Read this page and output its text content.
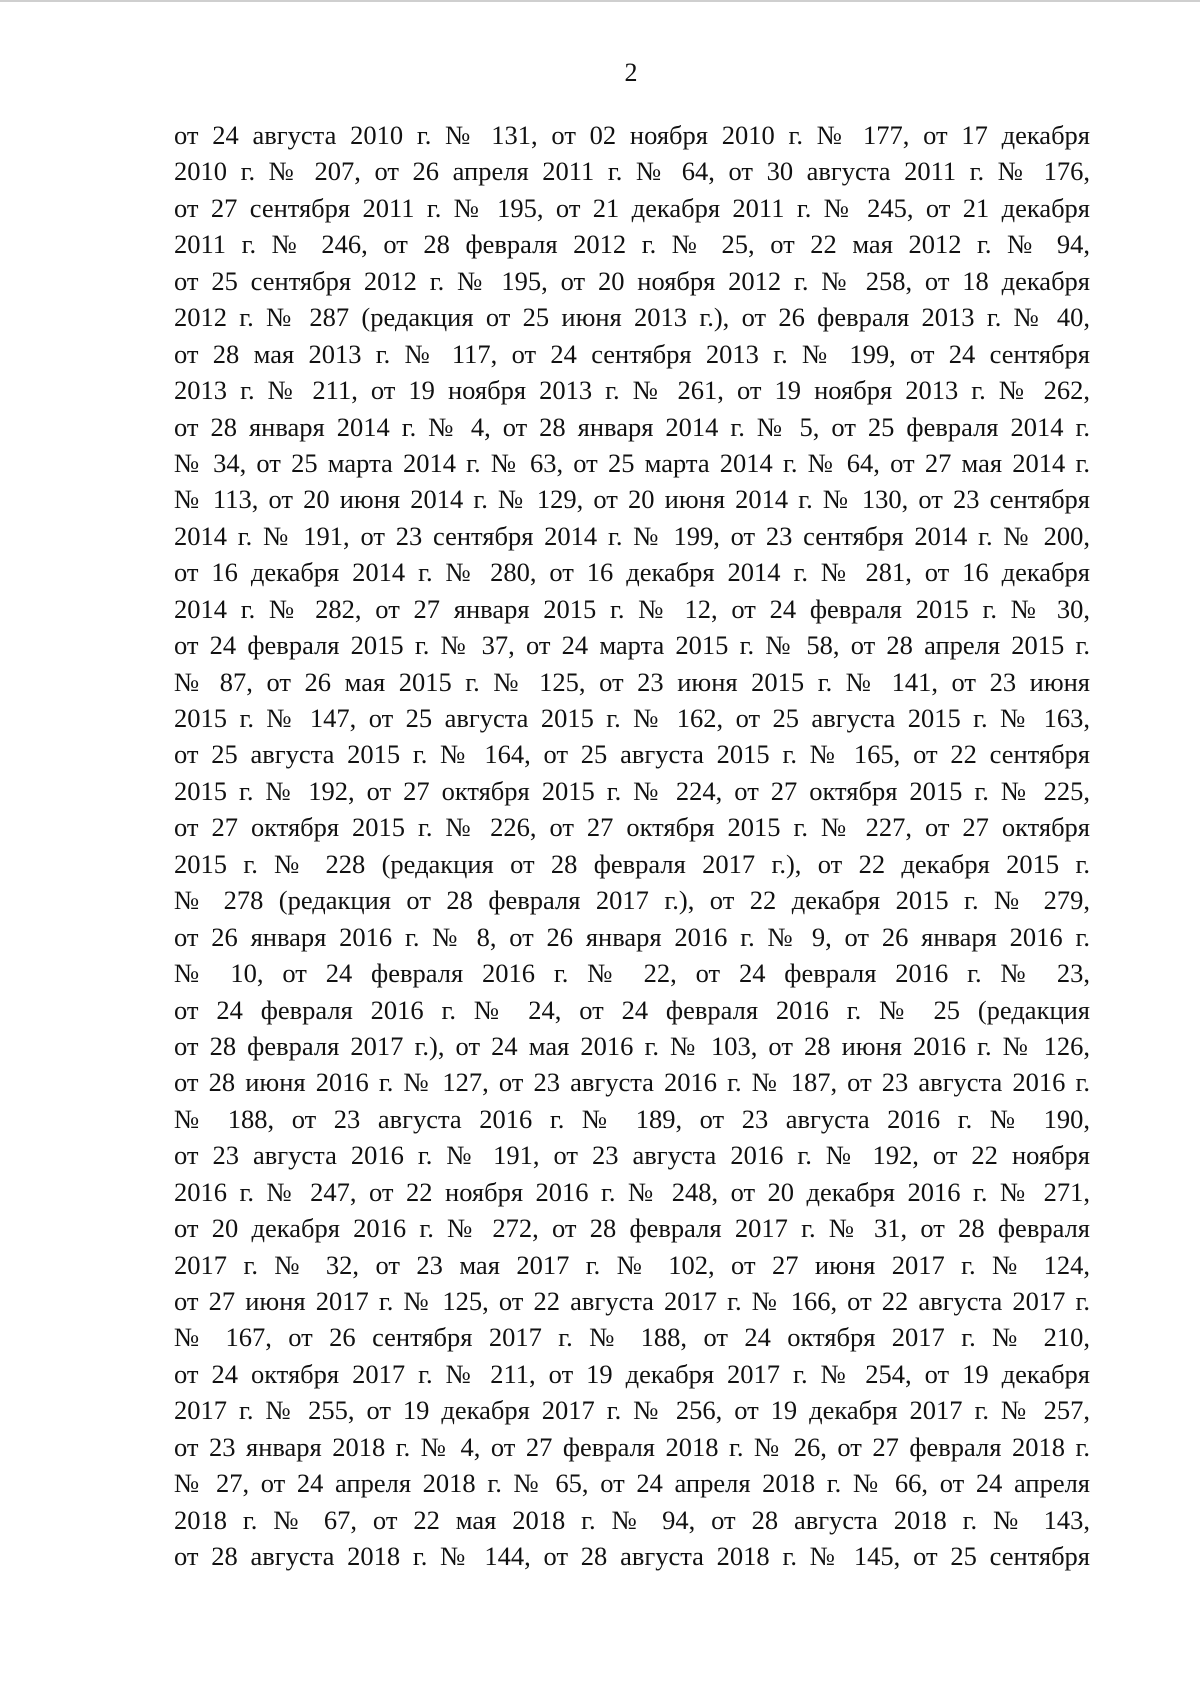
2
от 24 августа 2010 г. № 131, от 02 ноября 2010 г. № 177, от 17 декабря
2010 г. № 207, от 26 апреля 2011 г. № 64, от 30 августа 2011 г. № 176,
от 27 сентября 2011 г. № 195, от 21 декабря 2011 г. № 245, от 21 декабря
2011 г. № 246, от 28 февраля 2012 г. № 25, от 22 мая 2012 г. № 94,
от 25 сентября 2012 г. № 195, от 20 ноября 2012 г. № 258, от 18 декабря
2012 г. № 287 (редакция от 25 июня 2013 г.), от 26 февраля 2013 г. № 40,
от 28 мая 2013 г. № 117, от 24 сентября 2013 г. № 199, от 24 сентября
2013 г. № 211, от 19 ноября 2013 г. № 261, от 19 ноября 2013 г. № 262,
от 28 января 2014 г. № 4, от 28 января 2014 г. № 5, от 25 февраля 2014 г.
№ 34, от 25 марта 2014 г. № 63, от 25 марта 2014 г. № 64, от 27 мая 2014 г.
№ 113, от 20 июня 2014 г. № 129, от 20 июня 2014 г. № 130, от 23 сентября
2014 г. № 191, от 23 сентября 2014 г. № 199, от 23 сентября 2014 г. № 200,
от 16 декабря 2014 г. № 280, от 16 декабря 2014 г. № 281, от 16 декабря
2014 г. № 282, от 27 января 2015 г. № 12, от 24 февраля 2015 г. № 30,
от 24 февраля 2015 г. № 37, от 24 марта 2015 г. № 58, от 28 апреля 2015 г.
№ 87, от 26 мая 2015 г. № 125, от 23 июня 2015 г. № 141, от 23 июня
2015 г. № 147, от 25 августа 2015 г. № 162, от 25 августа 2015 г. № 163,
от 25 августа 2015 г. № 164, от 25 августа 2015 г. № 165, от 22 сентября
2015 г. № 192, от 27 октября 2015 г. № 224, от 27 октября 2015 г. № 225,
от 27 октября 2015 г. № 226, от 27 октября 2015 г. № 227, от 27 октября
2015 г. № 228 (редакция от 28 февраля 2017 г.), от 22 декабря 2015 г.
№ 278 (редакция от 28 февраля 2017 г.), от 22 декабря 2015 г. № 279,
от 26 января 2016 г. № 8, от 26 января 2016 г. № 9, от 26 января 2016 г.
№ 10, от 24 февраля 2016 г. № 22, от 24 февраля 2016 г. № 23,
от 24 февраля 2016 г. № 24, от 24 февраля 2016 г. № 25 (редакция
от 28 февраля 2017 г.), от 24 мая 2016 г. № 103, от 28 июня 2016 г. № 126,
от 28 июня 2016 г. № 127, от 23 августа 2016 г. № 187, от 23 августа 2016 г.
№ 188, от 23 августа 2016 г. № 189, от 23 августа 2016 г. № 190,
от 23 августа 2016 г. № 191, от 23 августа 2016 г. № 192, от 22 ноября
2016 г. № 247, от 22 ноября 2016 г. № 248, от 20 декабря 2016 г. № 271,
от 20 декабря 2016 г. № 272, от 28 февраля 2017 г. № 31, от 28 февраля
2017 г. № 32, от 23 мая 2017 г. № 102, от 27 июня 2017 г. № 124,
от 27 июня 2017 г. № 125, от 22 августа 2017 г. № 166, от 22 августа 2017 г.
№ 167, от 26 сентября 2017 г. № 188, от 24 октября 2017 г. № 210,
от 24 октября 2017 г. № 211, от 19 декабря 2017 г. № 254, от 19 декабря
2017 г. № 255, от 19 декабря 2017 г. № 256, от 19 декабря 2017 г. № 257,
от 23 января 2018 г. № 4, от 27 февраля 2018 г. № 26, от 27 февраля 2018 г.
№ 27, от 24 апреля 2018 г. № 65, от 24 апреля 2018 г. № 66, от 24 апреля
2018 г. № 67, от 22 мая 2018 г. № 94, от 28 августа 2018 г. № 143,
от 28 августа 2018 г. № 144, от 28 августа 2018 г. № 145, от 25 сентября
